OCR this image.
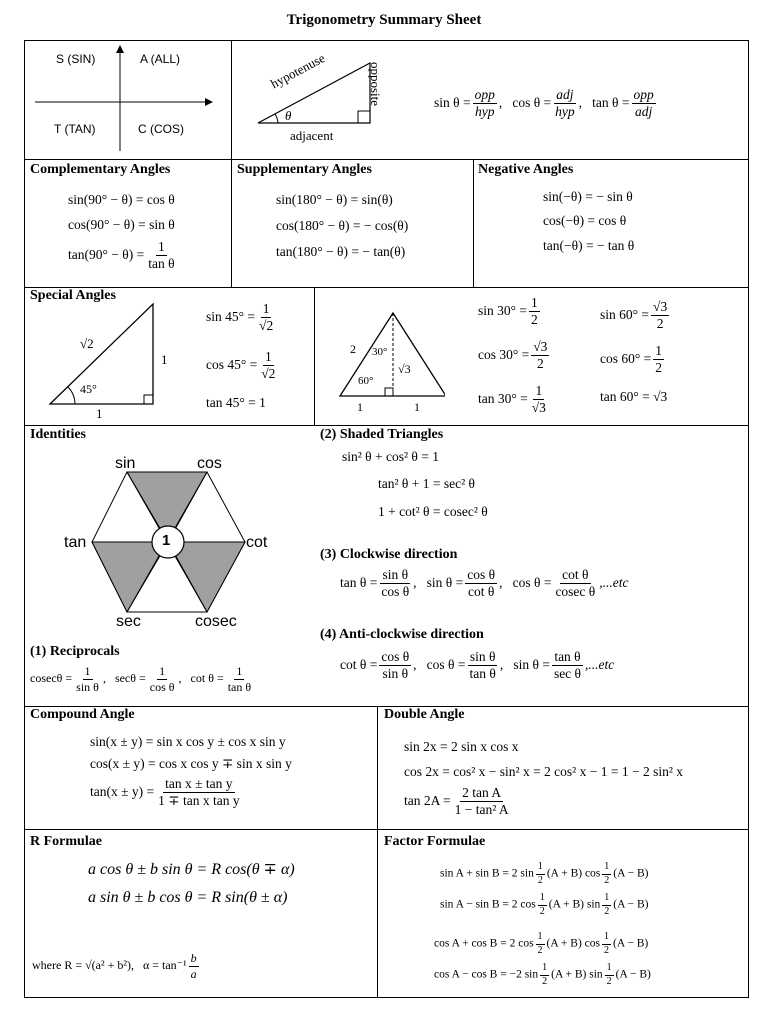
Trigonometry Summary Sheet
S (SIN)	A (ALL)
T (TAN)	C (COS)
hypotenuse	opposite
adjacent
θ
$\sin \theta = \frac{\text{opp}}{\text{hyp}}$ ,   $\cos \theta = \frac{\text{adj}}{\text{hyp}}$ ,   $\tan \theta = \frac{\text{opp}}{\text{adj}}$
Complementary Angles
sin(90° − θ) = cos θ
cos(90° − θ) = sin θ
$\tan(90^\circ - \theta) = \frac{1}{\text{tan θ}}$
Supplementary Angles
sin(180° − θ) = sin(θ)
cos(180° − θ) = − cos(θ)
tan(180° − θ) = − tan(θ)
Negative Angles
sin(−θ) = − sin θ
cos(−θ) = cos θ
tan(−θ) = − tan θ
Special Angles
√2
1
1
45°
$\sin 45^\circ = \frac{1}{√2}$
$\cos 45^\circ = \frac{1}{√2}$
tan 45° = 1
2 30°
60°
√3
1	1
$\sin 30^\circ = \frac{1}{2}$
$\cos 30^\circ = \frac{√3}{2}$
$\tan 30^\circ = \frac{1}{√3}$
$\sin 60^\circ = \frac{√3}{2}$
$\cos 60^\circ = \frac{1}{2}$
tan 60° = √3
Identities
sin	cos
tan	cot
sec	cosec
1
(1) Reciprocals
$cosec\theta = \frac{1}{\text{sin θ}}$ ,   $\sec\theta = \frac{1}{\text{cos θ}}$ ,   $\cot \theta = \frac{1}{\text{tan θ}}$
(2) Shaded Triangles
sin² θ + cos² θ = 1
tan² θ + 1 = sec² θ
1 + cot² θ = cosec² θ
(3) Clockwise direction
$\tan \theta = \frac{\text{sin θ}}{\text{cos θ}}$ ,   $\sin \theta = \frac{\text{cos θ}}{\text{cot θ}}$ ,   $\cos \theta = \frac{\text{cot θ}}{\text{cosec θ}} ,...etc$
(4) Anti-clockwise direction
$\cot \theta = \frac{\text{cos θ}}{\text{sin θ}}$ ,   $\cos \theta = \frac{\text{sin θ}}{\text{tan θ}}$ ,   $\sin \theta = \frac{\text{tan θ}}{\text{sec θ}} ,...etc$
Compound Angle
sin(x ± y) = sin x cos y ± cos x sin y
cos(x ± y) = cos x cos y ∓ sin x sin y
$\tan(x \pm y) = \frac{\text{tan x ± tan y}}{\text{1 ∓ tan x tan y}}$
Double Angle
sin 2x = 2 sin x cos x
cos 2x = cos² x − sin² x = 2 cos² x − 1 = 1 − 2 sin² x
$\tan 2A = \frac{\text{2 tan A}}{\text{1 − tan² A}}$
R Formulae
a cos θ ± b sin θ = R cos(θ ∓ α)
a sin θ ± b cos θ = R sin(θ ± α)
where R = √(a² + b²), $\alpha = \tan^{-1} \frac{b}{a}$
Factor Formulae
sin A + sin B = 2 $\sin \frac{1}{2} (A + B)$ $\cos \frac{1}{2} (A - B)$
sin A − sin B = 2 $\cos \frac{1}{2} (A + B)$ $\sin \frac{1}{2} (A - B)$
cos A + cos B = 2 $\cos \frac{1}{2} (A + B)$ $\cos \frac{1}{2} (A - B)$
cos A − cos B = −2 $\sin \frac{1}{2} (A + B)$ $\sin \frac{1}{2} (A - B)$
